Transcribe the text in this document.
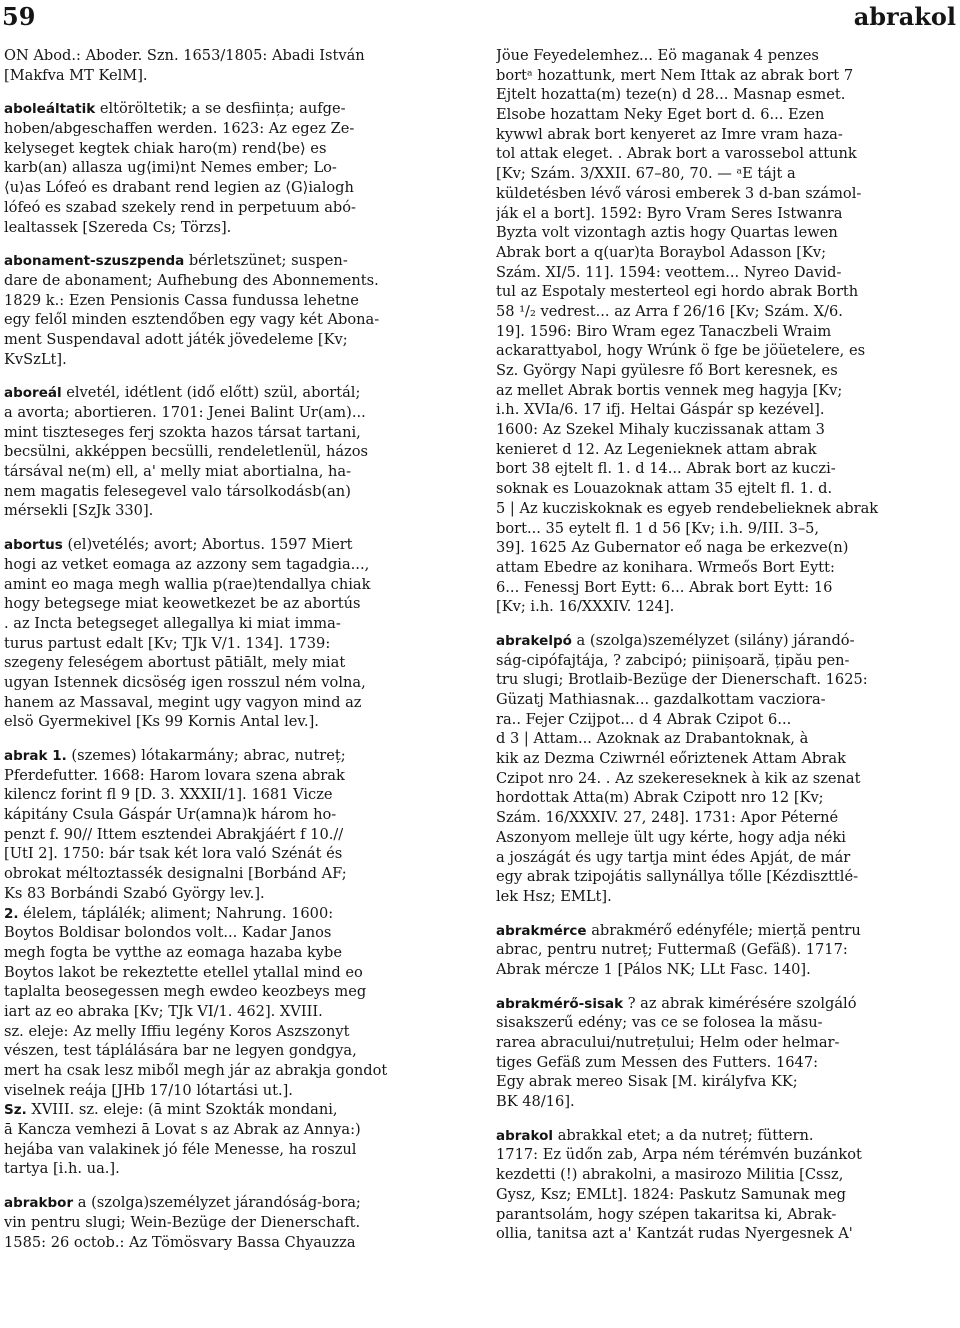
59	abrakol
ON Abod.: Aboder. Szn. 1653/1805: Abadi István
[Makfva MT KelM].
aboleáltatik eltöröltetik; a se desființa; aufge-
hoben/abgeschaffen werden. 1623: Az egez Ze-
kelyseget kegtek chiak haro(m) rend⟨be⟩ es
karb(an) allasza ug⟨imi⟩nt Nemes ember; Lo-
⟨u⟩as Lófeó es drabant rend legien az ⟨G⟩ialogh
lófeó es szabad szekely rend in perpetuum abó-
lealtassek [Szereda Cs; Törzs].
abonament-szuszpenda bérletszünet; suspen-
dare de abonament; Aufhebung des Abonnements.
1829 k.: Ezen Pensionis Cassa fundussa lehetne
egy felől minden esztendőben egy vagy két Abona-
ment Suspendaval adott játék jövedeleme [Kv;
KvSzLt].
aboreál elvetél, idétlent (idő előtt) szül, abortál;
a avorta; abortieren. 1701: Jenei Balint Ur(am)...
mint tiszteseges ferj szokta hazos társat tartani,
becsülni, akképpen becsülli, rendeletlenül, házos
társával ne(m) ell, a' melly miat abortialna, ha-
nem magatis felesegevel valo társolkodásb(an)
mérsekli [SzJk 330].
abortus (el)vetélés; avort; Abortus. 1597 Miert
hogi az vetket eomaga az azzony sem tagadgia...,
amint eo maga megh wallia p(rae)tendallya chiak
hogy betegsege miat keowetkezet be az abortús
. az Incta betegseget allegallya ki miat imma-
turus partust edalt [Kv; TJk V/1. 134]. 1739:
szegeny feleségem abortust pātiālt, mely miat
ugyan Istennek dicsöség igen rosszul ném volna,
hanem az Massaval, megint ugy vagyon mind az
elsö Gyermekivel [Ks 99 Kornis Antal lev.].
abrak 1. (szemes) lótakarmány; abrac, nutreț;
Pferdefutter. 1668: Harom lovara szena abrak
kilencz forint fl 9 [D. 3. XXXII/1]. 1681 Vicze
kápitány Csula Gáspár Ur(amna)k három ho-
penzt f. 90// Ittem esztendei Abrakjáért f 10.//
[UtI 2]. 1750: bár tsak két lora való Szénát és
obrokat méltoztassék designalni [Borbánd AF;
Ks 83 Borbándi Szabó György lev.].
2. élelem, táplálék; aliment; Nahrung. 1600:
Boytos Boldisar bolondos volt... Kadar Janos
megh fogta be vytthe az eomaga hazaba kybe
Boytos lakot be rekeztette etellel ytallal mind eo
taplalta beosegessen megh ewdeo keozbeys meg
iart az eo abraka [Kv; TJk VI/1. 462]. XVIII.
sz. eleje: Az melly Iffiu legény Koros Aszszonyt
vészen, test táplálására bar ne legyen gondgya,
mert ha csak lesz miből megh jár az abrakja gondot
viselnek reája [JHb 17/10 lótartási ut.].
Sz. XVIII. sz. eleje: (ā mint Szokták mondani,
ā Kancza vemhezi ā Lovat s az Abrak az Annya:)
hejába van valakinek jó féle Menesse, ha roszul
tartya [i.h. ua.].
abrakbor a (szolga)személyzet járandóság-bora;
vin pentru slugi; Wein-Bezüge der Dienerschaft.
1585: 26 octob.: Az Tömösvary Bassa Chyauzza
Jöue Feyedelemhez... Eö maganak 4 penzes
bortᵃ hozattunk, mert Nem Ittak az abrak bort 7
Ejtelt hozatta(m) teze(n) d 28... Masnap esmet.
Elsobe hozattam Neky Eget bort d. 6... Ezen
kywwl abrak bort kenyeret az Imre vram haza-
tol attak eleget. . Abrak bort a varossebol attunk
[Kv; Szám. 3/XXII. 67–80, 70. — ᵃE tájt a
küldetésben lévő városi emberek 3 d-ban számol-
ják el a bort]. 1592: Byro Vram Seres Istwanra
Byzta volt vizontagh aztis hogy Quartas lewen
Abrak bort a q(uar)ta Boraybol Adasson [Kv;
Szám. XI/5. 11]. 1594: veottem... Nyreo David-
tul az Espotaly mesterteol egi hordo abrak Borth
58 ¹/₂ vedrest... az Arra f 26/16 [Kv; Szám. X/6.
19]. 1596: Biro Wram egez Tanaczbeli Wraim
ackarattyabol, hogy Wrúnk ö fge be jöüetelere, es
Sz. György Napi gyülesre fő Bort keresnek, es
az mellet Abrak bortis vennek meg hagyja [Kv;
i.h. XVIa/6. 17 ifj. Heltai Gáspár sp kezével].
1600: Az Szekel Mihaly kuczissanak attam 3
kenieret d 12. Az Legenieknek attam abrak
bort 38 ejtelt fl. 1. d 14... Abrak bort az kuczi-
soknak es Louazoknak attam 35 ejtelt fl. 1. d.
5 | Az kucziskoknak es egyeb rendebelieknek abrak
bort... 35 eytelt fl. 1 d 56 [Kv; i.h. 9/III. 3–5,
39]. 1625 Az Gubernator eő naga be erkezve(n)
attam Ebedre az konihara. Wrmeős Bort Eytt:
6... Fenessj Bort Eytt: 6... Abrak bort Eytt: 16
[Kv; i.h. 16/XXXIV. 124].
abrakelpó a (szolga)személyzet (silány) járandó-
ság-cipófajtája, ? zabcipó; piinișoară, țipău pen-
tru slugi; Brotlaib-Bezüge der Dienerschaft. 1625:
Güzatj Mathiasnak... gazdalkottam vacziora-
ra.. Fejer Czijpot... d 4 Abrak Czipot 6...
d 3 | Attam... Azoknak az Drabantoknak, à
kik az Dezma Cziwrnél eőriztenek Attam Abrak
Czipot nro 24. . Az szekereseknek à kik az szenat
hordottak Atta(m) Abrak Czipott nro 12 [Kv;
Szám. 16/XXXIV. 27, 248]. 1731: Apor Péterné
Aszonyom melleje ült ugy kérte, hogy adja néki
a joszágát és ugy tartja mint édes Apját, de már
egy abrak tzipojátis sallynállya tőlle [Kézdiszttlé-
lek Hsz; EMLt].
abrakmérce abrakmérő edényféle; mierță pentru
abrac, pentru nutreț; Futtermaß (Gefäß). 1717:
Abrak mércze 1 [Pálos NK; LLt Fasc. 140].
abrakmérő-sisak ? az abrak kimérésére szolgáló
sisakszerű edény; vas ce se folosea la măsu-
rarea abracului/nutrețului; Helm oder helmar-
tiges Gefäß zum Messen des Futters. 1647:
Egy abrak mereo Sisak [M. királyfva KK;
BK 48/16].
abrakol abrakkal etet; a da nutreț; füttern.
1717: Ez üdőn zab, Arpa ném térémvén buzánkot
kezdetti (!) abrakolni, a masirozo Militia [Cssz,
Gysz, Ksz; EMLt]. 1824: Paskutz Samunak meg
parantsolám, hogy szépen takaritsa ki, Abrak-
ollia, tanitsa azt a' Kantzát rudas Nyergesnek A'
